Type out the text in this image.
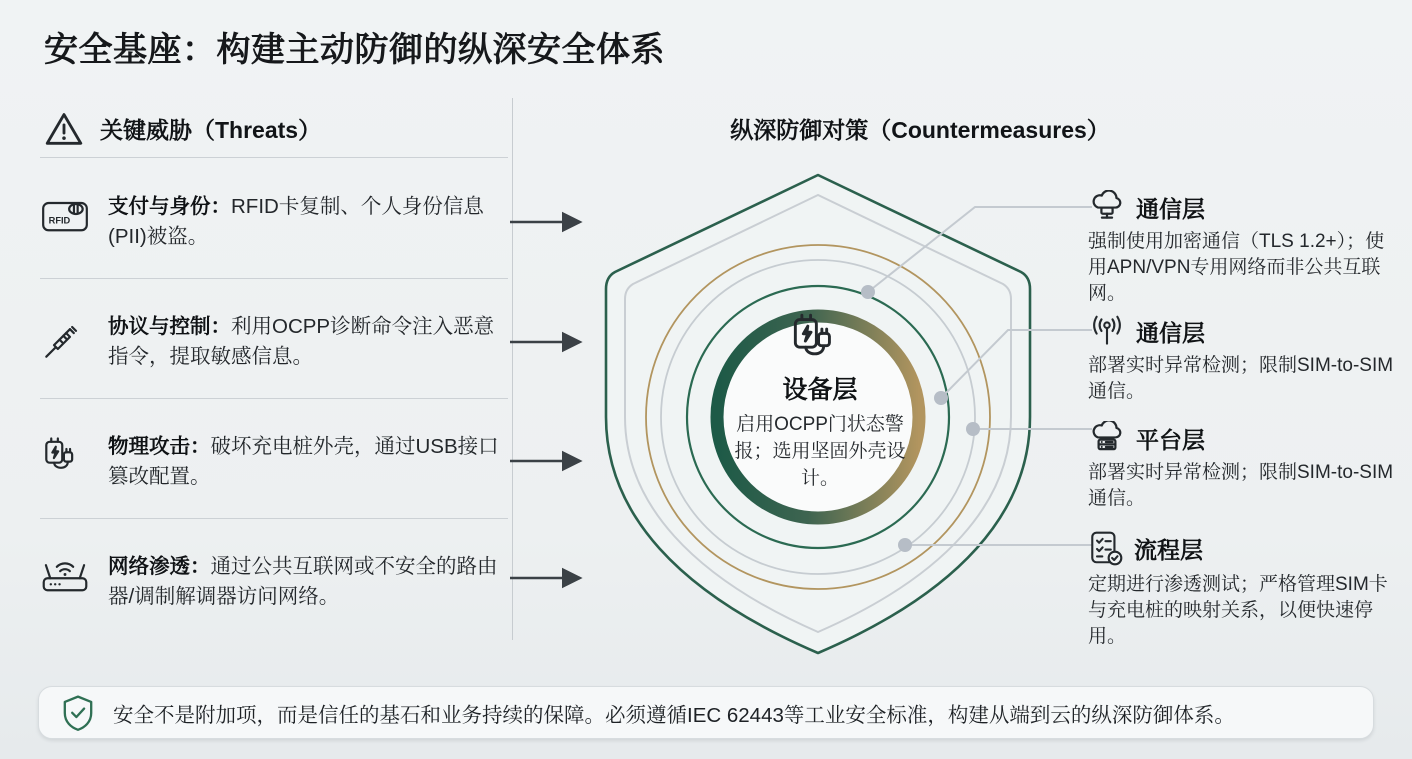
安全基座：构建主动防御的纵深安全体系
关键威胁（Threats）
RFID
支付与身份：RFID卡复制、个人身份信息(PII)被盗。
协议与控制：利用OCPP诊断命令注入恶意指令，提取敏感信息。
物理攻击：破坏充电桩外壳，通过USB接口篡改配置。
网络渗透：通过公共互联网或不安全的路由器/调制解调器访问网络。
纵深防御对策（Countermeasures）
设备层
启用OCPP门状态警报；选用坚固外壳设计。
通信层
强制使用加密通信（TLS 1.2+）；使用APN/VPN专用网络而非公共互联网。
通信层
部署实时异常检测；限制SIM-to-SIM通信。
平台层
部署实时异常检测；限制SIM-to-SIM通信。
流程层
定期进行渗透测试；严格管理SIM卡与充电桩的映射关系，以便快速停用。
安全不是附加项，而是信任的基石和业务持续的保障。必须遵循IEC 62443等工业安全标准，构建从端到云的纵深防御体系。
